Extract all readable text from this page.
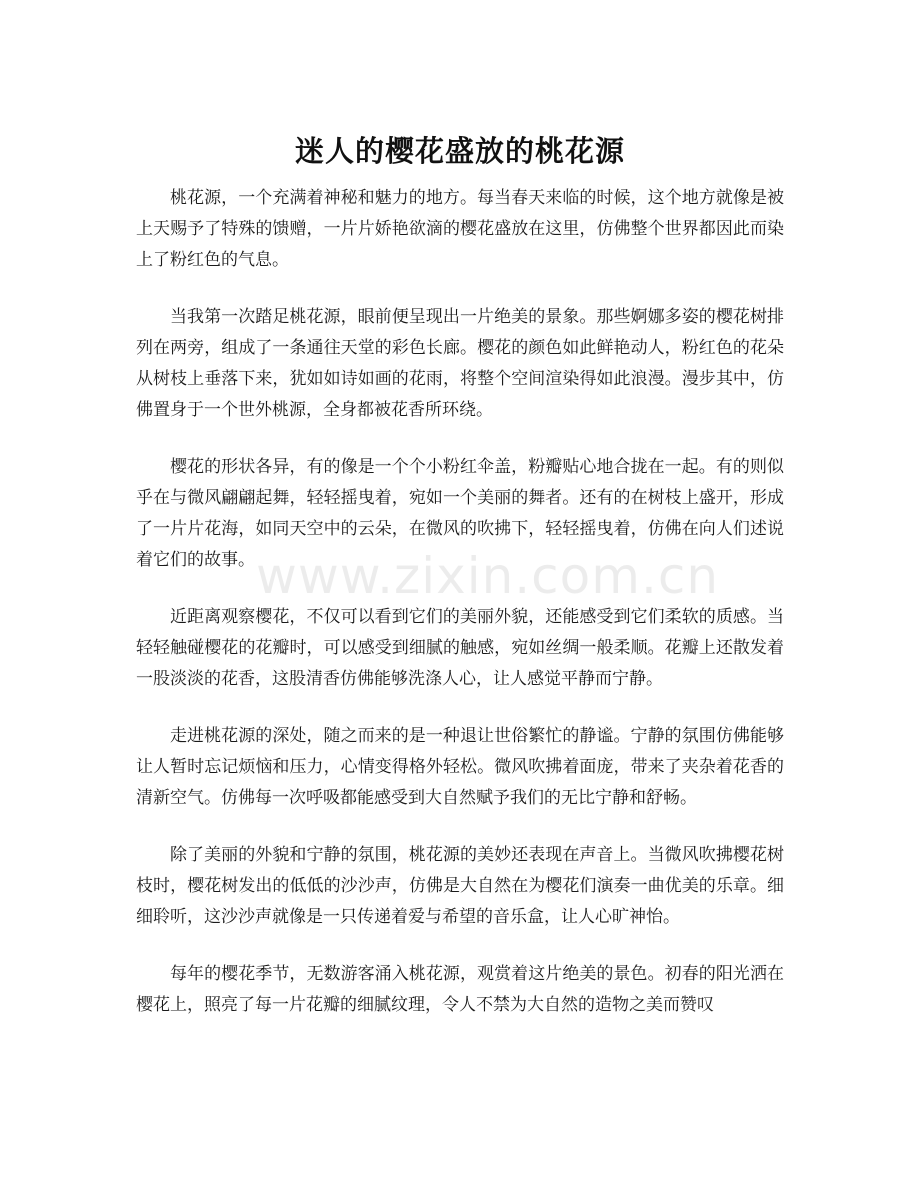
迷人的樱花盛放的桃花源

桃花源，一个充满着神秘和魅力的地方。每当春天来临的时候，这个地方就像是被上天赐予了特殊的馈赠，一片片娇艳欲滴的樱花盛放在这里，仿佛整个世界都因此而染上了粉红色的气息。

当我第一次踏足桃花源，眼前便呈现出一片绝美的景象。那些婀娜多姿的樱花树排列在两旁，组成了一条通往天堂的彩色长廊。樱花的颜色如此鲜艳动人，粉红色的花朵从树枝上垂落下来，犹如如诗如画的花雨，将整个空间渲染得如此浪漫。漫步其中，仿佛置身于一个世外桃源，全身都被花香所环绕。

樱花的形状各异，有的像是一个个小粉红伞盖，粉瓣贴心地合拢在一起。有的则似乎在与微风翩翩起舞，轻轻摇曳着，宛如一个美丽的舞者。还有的在树枝上盛开，形成了一片片花海，如同天空中的云朵，在微风的吹拂下，轻轻摇曳着，仿佛在向人们述说着它们的故事。

近距离观察樱花，不仅可以看到它们的美丽外貌，还能感受到它们柔软的质感。当轻轻触碰樱花的花瓣时，可以感受到细腻的触感，宛如丝绸一般柔顺。花瓣上还散发着一股淡淡的花香，这股清香仿佛能够洗涤人心，让人感觉平静而宁静。

走进桃花源的深处，随之而来的是一种退让世俗繁忙的静谧。宁静的氛围仿佛能够让人暂时忘记烦恼和压力，心情变得格外轻松。微风吹拂着面庞，带来了夹杂着花香的清新空气。仿佛每一次呼吸都能感受到大自然赋予我们的无比宁静和舒畅。

除了美丽的外貌和宁静的氛围，桃花源的美妙还表现在声音上。当微风吹拂樱花树枝时，樱花树发出的低低的沙沙声，仿佛是大自然在为樱花们演奏一曲优美的乐章。细细聆听，这沙沙声就像是一只传递着爱与希望的音乐盒，让人心旷神怡。

每年的樱花季节，无数游客涌入桃花源，观赏着这片绝美的景色。初春的阳光洒在樱花上，照亮了每一片花瓣的细腻纹理，令人不禁为大自然的造物之美而赞叹

www.zixin.com.cn
